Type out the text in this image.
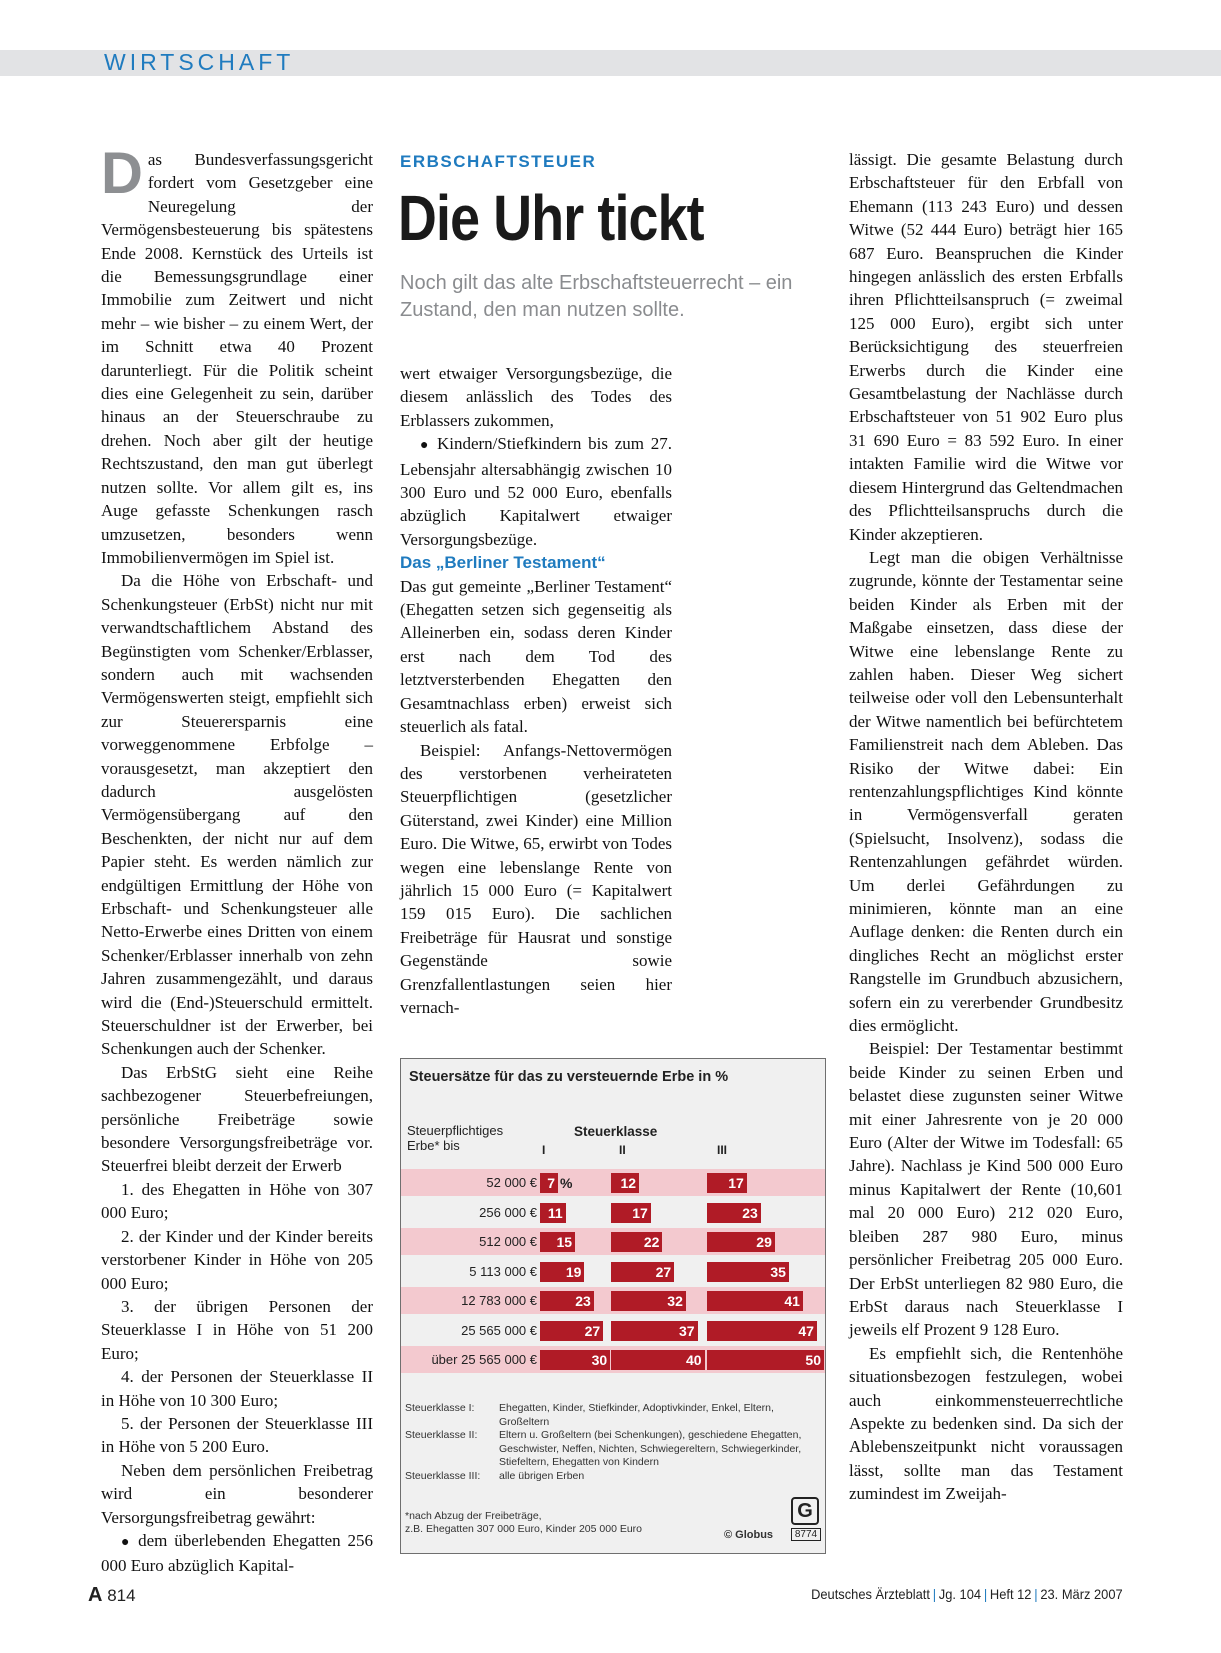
WIRTSCHAFT

Das Bundesverfassungsgericht fordert vom Gesetzgeber eine Neuregelung der Vermögensbesteuerung bis spätestens Ende 2008. Kernstück des Urteils ist die Bemessungsgrundlage einer Immobilie zum Zeitwert und nicht mehr – wie bisher – zu einem Wert, der im Schnitt etwa 40 Prozent darunterliegt. Für die Politik scheint dies eine Gelegenheit zu sein, darüber hinaus an der Steuerschraube zu drehen. Noch aber gilt der heutige Rechtszustand, den man gut überlegt nutzen sollte. Vor allem gilt es, ins Auge gefasste Schenkungen rasch umzusetzen, besonders wenn Immobilienvermögen im Spiel ist.

Da die Höhe von Erbschaft- und Schenkungsteuer (ErbSt) nicht nur mit verwandtschaftlichem Abstand des Begünstigten vom Schenker/Erblasser, sondern auch mit wachsenden Vermögenswerten steigt, empfiehlt sich zur Steuerersparnis eine vorweggenommene Erbfolge – vorausgesetzt, man akzeptiert den dadurch ausgelösten Vermögensübergang auf den Beschenkten, der nicht nur auf dem Papier steht. Es werden nämlich zur endgültigen Ermittlung der Höhe von Erbschaft- und Schenkungsteuer alle Netto-Erwerbe eines Dritten von einem Schenker/Erblasser innerhalb von zehn Jahren zusammengezählt, und daraus wird die (End-)Steuerschuld ermittelt. Steuerschuldner ist der Erwerber, bei Schenkungen auch der Schenker.

Das ErbStG sieht eine Reihe sachbezogener Steuerbefreiungen, persönliche Freibeträge sowie besondere Versorgungsfreibeträge vor. Steuerfrei bleibt derzeit der Erwerb

1. des Ehegatten in Höhe von 307 000 Euro;

2. der Kinder und der Kinder bereits verstorbener Kinder in Höhe von 205 000 Euro;

3. der übrigen Personen der Steuerklasse I in Höhe von 51 200 Euro;

4. der Personen der Steuerklasse II in Höhe von 10 300 Euro;

5. der Personen der Steuerklasse III in Höhe von 5 200 Euro.

Neben dem persönlichen Freibetrag wird ein besonderer Versorgungsfreibetrag gewährt:

● dem überlebenden Ehegatten 256 000 Euro abzüglich Kapital-

ERBSCHAFTSTEUER
Die Uhr tickt
Noch gilt das alte Erbschaftsteuerrecht – ein Zustand, den man nutzen sollte.

wert etwaiger Versorgungsbezüge, die diesem anlässlich des Todes des Erblassers zukommen,

● Kindern/Stiefkindern bis zum 27. Lebensjahr altersabhängig zwischen 10 300 Euro und 52 000 Euro, ebenfalls abzüglich Kapitalwert etwaiger Versorgungsbezüge.

Das „Berliner Testament“

Das gut gemeinte „Berliner Testament“ (Ehegatten setzen sich gegenseitig als Alleinerben ein, sodass deren Kinder erst nach dem Tod des letztversterbenden Ehegatten den Gesamtnachlass erben) erweist sich steuerlich als fatal.

Beispiel: Anfangs-Nettovermögen des verstorbenen verheirateten Steuerpflichtigen (gesetzlicher Güterstand, zwei Kinder) eine Million Euro. Die Witwe, 65, erwirbt von Todes wegen eine lebenslange Rente von jährlich 15 000 Euro (= Kapitalwert 159 015 Euro). Die sachlichen Freibeträge für Hausrat und sonstige Gegenstände sowie Grenzfallentlastungen seien hier vernach-

Steuersätze für das zu versteuernde Erbe in %
Steuerpflichtiges Erbe* bis
Steuerklasse
I	II	III
52 000 € 7 %	12	17
256 000 € 11	17	23
512 000 €	15	22	29
5 113 000 €	19	27	35
12 783 000 €	23	32	41
25 565 000 €	27	37	47
über 25 565 000 €	30	40	50
Steuerklasse I:	Ehegatten, Kinder, Stiefkinder, Adoptivkinder, Enkel, Eltern, Großeltern
Steuerklasse II:	Eltern u. Großeltern (bei Schenkungen), geschiedene Ehegatten, Geschwister, Neffen, Nichten, Schwiegereltern, Schwiegerkinder, Stiefeltern, Ehegatten von Kindern
Steuerklasse III:	alle übrigen Erben
*nach Abzug der Freibeträge,
z.B. Ehegatten 307 000 Euro, Kinder 205 000 Euro
© Globus
G
8774

lässigt. Die gesamte Belastung durch Erbschaftsteuer für den Erbfall von Ehemann (113 243 Euro) und dessen Witwe (52 444 Euro) beträgt hier 165 687 Euro. Beanspruchen die Kinder hingegen anlässlich des ersten Erbfalls ihren Pflichtteilsanspruch (= zweimal 125 000 Euro), ergibt sich unter Berücksichtigung des steuerfreien Erwerbs durch die Kinder eine Gesamtbelastung der Nachlässe durch Erbschaftsteuer von 51 902 Euro plus 31 690 Euro = 83 592 Euro. In einer intakten Familie wird die Witwe vor diesem Hintergrund das Geltendmachen des Pflichtteilsanspruchs durch die Kinder akzeptieren.

Legt man die obigen Verhältnisse zugrunde, könnte der Testamentar seine beiden Kinder als Erben mit der Maßgabe einsetzen, dass diese der Witwe eine lebenslange Rente zu zahlen haben. Dieser Weg sichert teilweise oder voll den Lebensunterhalt der Witwe namentlich bei befürchtetem Familienstreit nach dem Ableben. Das Risiko der Witwe dabei: Ein rentenzahlungspflichtiges Kind könnte in Vermögensverfall geraten (Spielsucht, Insolvenz), sodass die Rentenzahlungen gefährdet würden. Um derlei Gefährdungen zu minimieren, könnte man an eine Auflage denken: die Renten durch ein dingliches Recht an möglichst erster Rangstelle im Grundbuch abzusichern, sofern ein zu vererbender Grundbesitz dies ermöglicht.

Beispiel: Der Testamentar bestimmt beide Kinder zu seinen Erben und belastet diese zugunsten seiner Witwe mit einer Jahresrente von je 20 000 Euro (Alter der Witwe im Todesfall: 65 Jahre). Nachlass je Kind 500 000 Euro minus Kapitalwert der Rente (10,601 mal 20 000 Euro) 212 020 Euro, bleiben 287 980 Euro, minus persönlicher Freibetrag 205 000 Euro. Der ErbSt unterliegen 82 980 Euro, die ErbSt daraus nach Steuerklasse I jeweils elf Prozent 9 128 Euro.

Es empfiehlt sich, die Rentenhöhe situationsbezogen festzulegen, wobei auch einkommensteuerrechtliche Aspekte zu bedenken sind. Da sich der Ablebenszeitpunkt nicht voraussagen lässt, sollte man das Testament zumindest im Zweijah-

A 814	Deutsches Ärzteblatt | Jg. 104 | Heft 12 | 23. März 2007
